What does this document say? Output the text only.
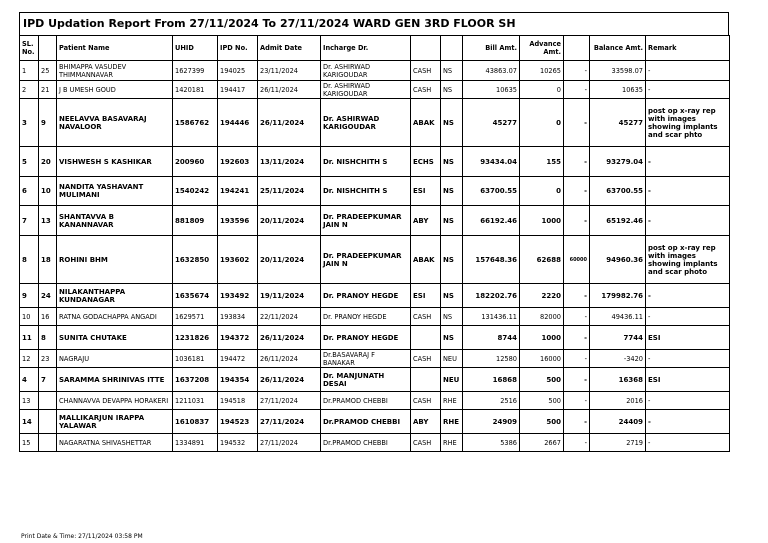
IPD Updation Report From 27/11/2024 To 27/11/2024 WARD GEN 3RD FLOOR SH
SL. No.		Patient Name	UHID	IPD No.	Admit Date	Incharge Dr.			Bill Amt.	Advance Amt.		Balance Amt.	Remark
1	25	BHIMAPPA VASUDEV THIMMANNAVAR	1627399	194025	23/11/2024	Dr. ASHIRWAD KARIGOUDAR	CASH	NS	43863.07	10265	-	33598.07	-
2	21	J B UMESH GOUD	1420181	194417	26/11/2024	Dr. ASHIRWAD KARIGOUDAR	CASH	NS	10635	0	-	10635	-
3	9	NEELAVVA BASAVARAJ NAVALOOR	1586762	194446	26/11/2024	Dr. ASHIRWAD KARIGOUDAR	ABAK	NS	45277	0	-	45277	post op x-ray rep with images showing implants and scar phto
5	20	VISHWESH S KASHIKAR	200960	192603	13/11/2024	Dr. NISHCHITH S	ECHS	NS	93434.04	155	-	93279.04	-
6	10	NANDITA YASHAVANT MULIMANI	1540242	194241	25/11/2024	Dr. NISHCHITH S	ESI	NS	63700.55	0	-	63700.55	-
7	13	SHANTAVVA B KANANNAVAR	881809	193596	20/11/2024	Dr. PRADEEPKUMAR JAIN N	ABY	NS	66192.46	1000	-	65192.46	-
8	18	ROHINI BHM	1632850	193602	20/11/2024	Dr. PRADEEPKUMAR JAIN N	ABAK	NS	157648.36	62688	60000	94960.36	post op x-ray rep with images showing implants and scar photo
9	24	NILAKANTHAPPA KUNDANAGAR	1635674	193492	19/11/2024	Dr. PRANOY HEGDE	ESI	NS	182202.76	2220	-	179982.76	-
10	16	RATNA GODACHAPPA ANGADI	1629571	193834	22/11/2024	Dr. PRANOY HEGDE	CASH	NS	131436.11	82000	-	49436.11	-
11	8	SUNITA CHUTAKE	1231826	194372	26/11/2024	Dr. PRANOY HEGDE		NS	8744	1000	-	7744	ESI
12	23	NAGRAJU	1036181	194472	26/11/2024	Dr.BASAVARAJ F BANAKAR	CASH	NEU	12580	16000	-	-3420	-
4	7	SARAMMA SHRINIVAS ITTE	1637208	194354	26/11/2024	Dr. MANJUNATH DESAI		NEU	16868	500	-	16368	ESI
13		CHANNAVVA DEVAPPA HORAKERI	1211031	194518	27/11/2024	Dr.PRAMOD CHEBBI	CASH	RHE	2516	500	-	2016	-
14		MALLIKARJUN IRAPPA YALAWAR	1610837	194523	27/11/2024	Dr.PRAMOD CHEBBI	ABY	RHE	24909	500	-	24409	-
15		NAGARATNA SHIVASHETTAR	1334891	194532	27/11/2024	Dr.PRAMOD CHEBBI	CASH	RHE	5386	2667	-	2719	-
Print Date & Time: 27/11/2024 03:58 PM
